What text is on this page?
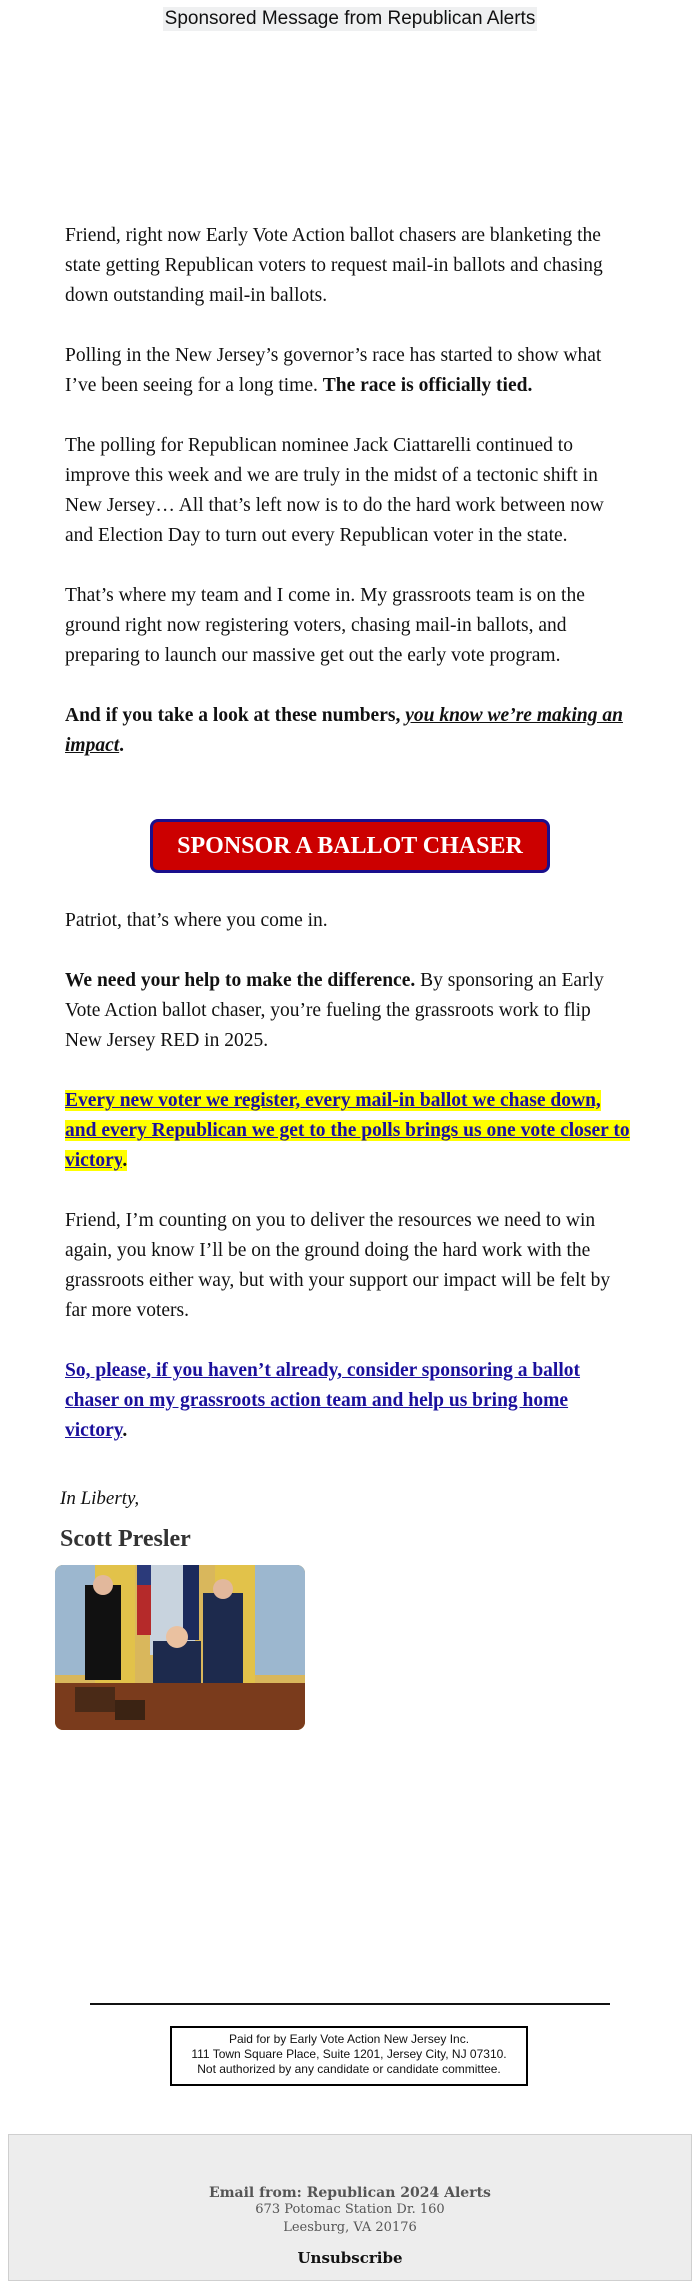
Sponsored Message from Republican Alerts

Friend, right now Early Vote Action ballot chasers are blanketing the state getting Republican voters to request mail-in ballots and chasing down outstanding mail-in ballots.

Polling in the New Jersey’s governor’s race has started to show what I’ve been seeing for a long time. The race is officially tied.

The polling for Republican nominee Jack Ciattarelli continued to improve this week and we are truly in the midst of a tectonic shift in New Jersey… All that’s left now is to do the hard work between now and Election Day to turn out every Republican voter in the state.

That’s where my team and I come in. My grassroots team is on the ground right now registering voters, chasing mail-in ballots, and preparing to launch our massive get out the early vote program.

And if you take a look at these numbers, you know we’re making an impact.

SPONSOR A BALLOT CHASER

Patriot, that’s where you come in.

We need your help to make the difference. By sponsoring an Early Vote Action ballot chaser, you’re fueling the grassroots work to flip New Jersey RED in 2025.

Every new voter we register, every mail-in ballot we chase down, and every Republican we get to the polls brings us one vote closer to victory.

Friend, I’m counting on you to deliver the resources we need to win again, you know I’ll be on the ground doing the hard work with the grassroots either way, but with your support our impact will be felt by far more voters.

So, please, if you haven’t already, consider sponsoring a ballot chaser on my grassroots action team and help us bring home victory.

In Liberty,

Scott Presler

Paid for by Early Vote Action New Jersey Inc.
111 Town Square Place, Suite 1201, Jersey City, NJ 07310.
Not authorized by any candidate or candidate committee.
Email from: Republican 2024 Alerts
673 Potomac Station Dr. 160
Leesburg, VA 20176
Unsubscribe
